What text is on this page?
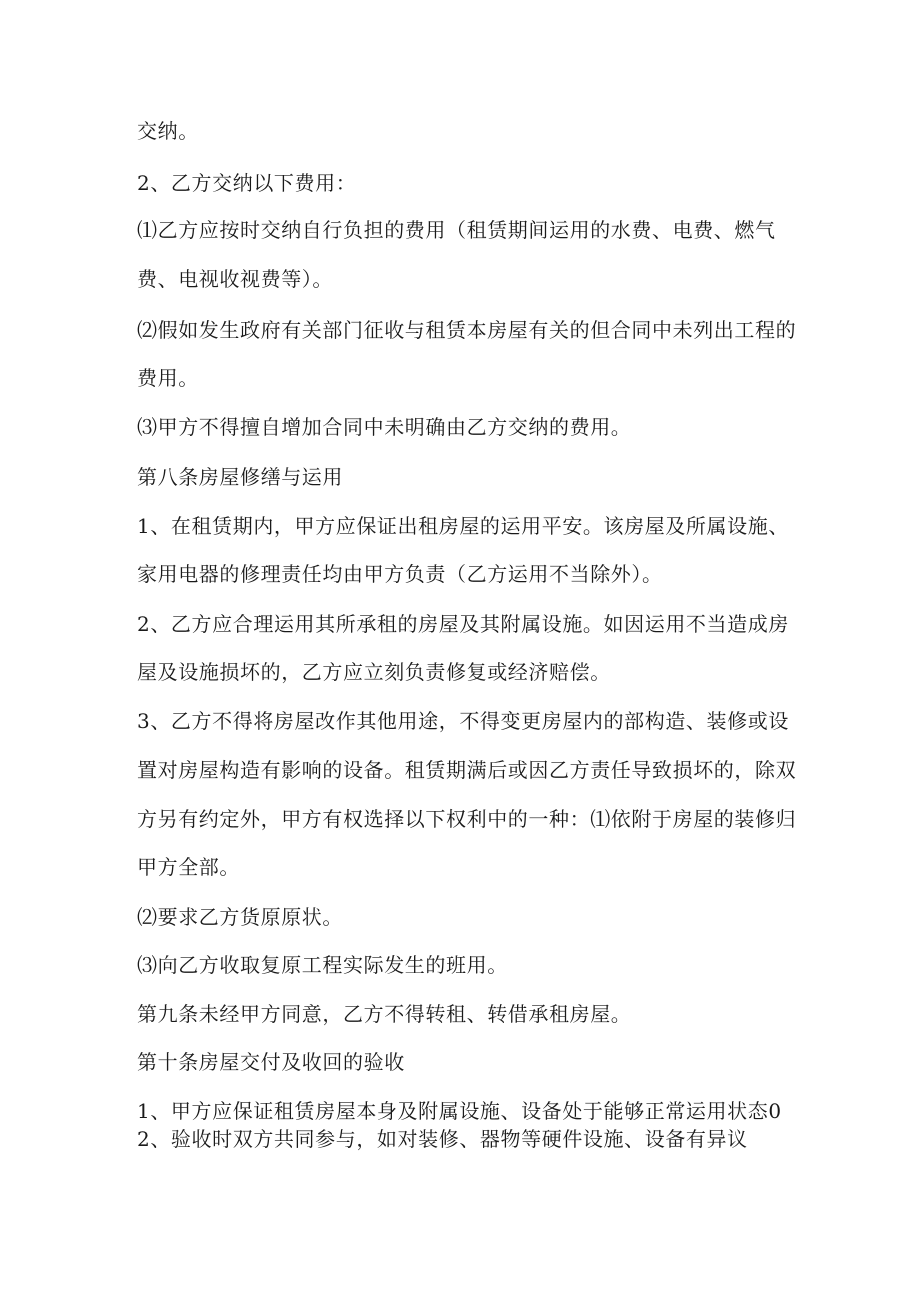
交纳。

2、乙方交纳以下费用：

⑴乙方应按时交纳自行负担的费用（租赁期间运用的水费、电费、燃气

费、电视收视费等）。

⑵假如发生政府有关部门征收与租赁本房屋有关的但合同中未列出工程的

费用。

⑶甲方不得擅自增加合同中未明确由乙方交纳的费用。

第八条房屋修缮与运用

1、在租赁期内，甲方应保证出租房屋的运用平安。该房屋及所属设施、

家用电器的修理责任均由甲方负责（乙方运用不当除外）。

2、乙方应合理运用其所承租的房屋及其附属设施。如因运用不当造成房

屋及设施损坏的，乙方应立刻负责修复或经济赔偿。

3、乙方不得将房屋改作其他用途，不得变更房屋内的部构造、装修或设

置对房屋构造有影响的设备。租赁期满后或因乙方责任导致损坏的，除双

方另有约定外，甲方有权选择以下权利中的一种：⑴依附于房屋的装修归

甲方全部。

⑵要求乙方货原原状。

⑶向乙方收取复原工程实际发生的班用。

第九条未经甲方同意，乙方不得转租、转借承租房屋。

第十条房屋交付及收回的验收

1、甲方应保证租赁房屋本身及附属设施、设备处于能够正常运用状态0

2、验收时双方共同参与，如对装修、器物等硬件设施、设备有异议
